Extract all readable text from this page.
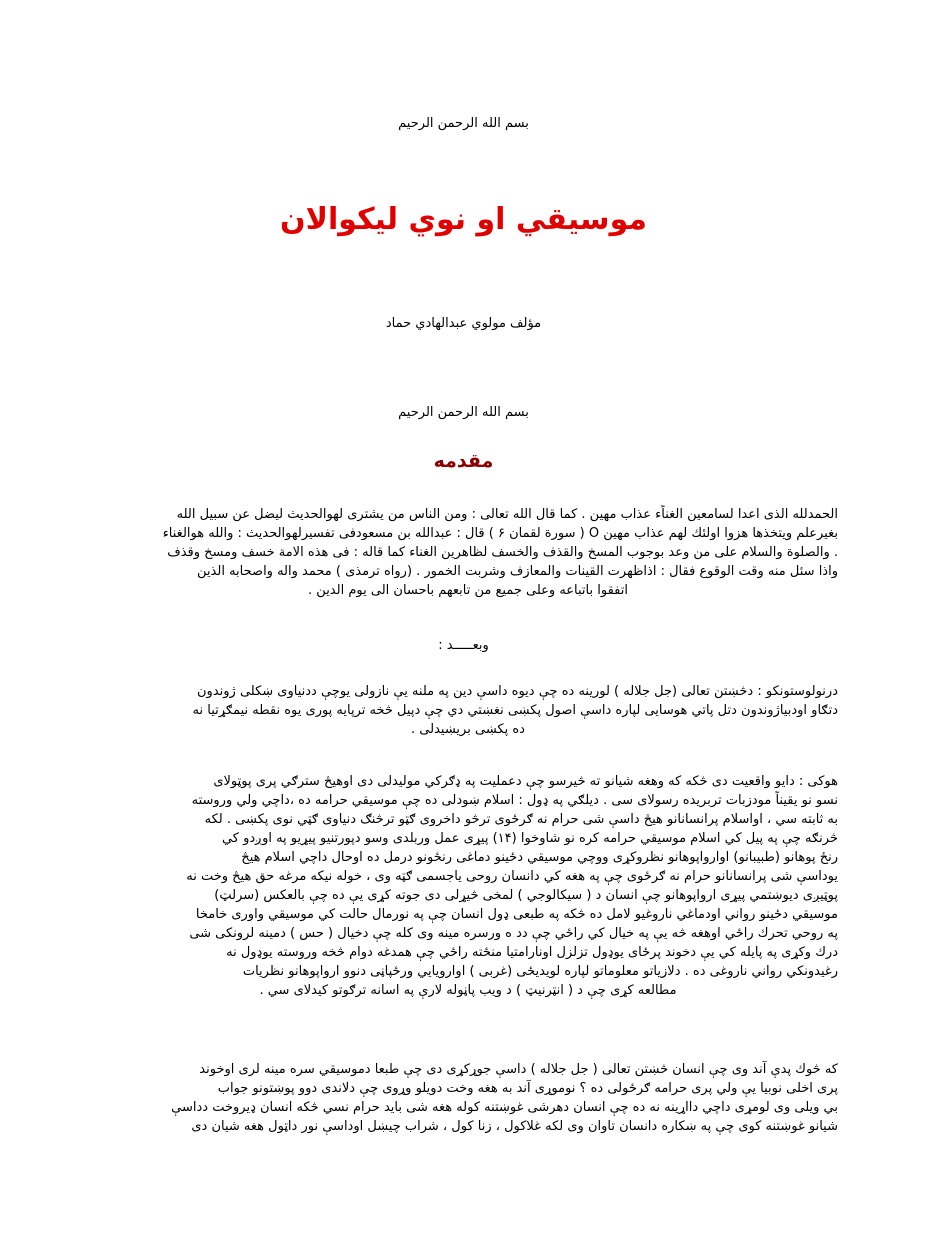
بسم الله الرحمن الرحیم
موسیقي او نوي لیکوالان
مؤلف مولوي عبدالهادي حماد
بسم الله الرحمن الرحیم
مقدمه
الحمدلله الذی اعدا لسامعین الغناًء عذاب مهین . کما قال الله تعالی : ومن الناس من یشتری لهوالحدیث لیضل عن سبیل الله
بغیرعلم ویتخذها هزوا اولئك لهم عذاب مهین O ( سورة لقمان ۶ ) قال : عبدالله بن مسعودفی تفسیرلهوالحدیث : والله هوالغناء
. والصلوة والسلام علی من وعد بوجوب المسخ والقذف والخسف لظاهرین الغناء کما قاله : فی هذه الامة خسف ومسخ وقذف
واذا سئل منه وقت الوقوع فقال : اذاظهرت القینات والمعازف وشربت الخمور . (رواه ترمذی ) محمد واله واصحابه الذین
اتفقوا باتباعه وعلی جمیع من تابعهم باحسان الی یوم الدین .
وبعـــــد :
درنولوستونکو : دڅښتن تعالی (جل جلاله ) لورینه ده چې دیوه داسې دین په ملنه یې نازولی یوچې ددنیاوی ښکلی ژوندون
دتګاو اودبیاژوندون دتل پاتي هوسایی لپاره داسې اصول پکښی نغښتي دي چې دپیل څخه ترپایه پوری یوه نقطه نیمګړتیا نه
ده پکښی بریښیدلی .
هوکی : دایو واقعیت دی څکه که وهغه شیانو ته څیرسو چې دعملیت په ډګرکي مولیدلی دی اوهیڅ سترګي پری پوټولای
نسو نو یقیناً مودزبات تربریده رسولای سی . دیلګي په ډول : اسلام ښودلی ده چې موسیقي حرامه ده ،داچي ولي وروسته
به ثابته سي ، اواسلام پرانسانانو هیڅ داسې شی حرام نه ګرځوی ترڅو داخروی ګټو ترڅنګ دنیاوی ګټي نوی پکښی . لکه
څرنګه چې په پیل کي اسلام موسیقي حرامه کره نو شاوخوا (۱۴) پیړی عمل وربلدی وسو دپورتنیو پیړیو په اوږدو کي
رنځ پوهانو (طبیبانو) اوارواپوهانو نظروکړی ووچي موسیقي دځینو دماغی رنځونو درمل ده اوحال داچي اسلام هیڅ
یوداسې شی پرانسانانو حرام نه ګرځوی چې په هغه کي دانسان روحی یاجسمی ګټه وی ، خوله نیکه مرغه حق هیڅ وخت نه
پوټیږی دیوښتمي پیړی ارواپوهانو چې انسان د ( سیکالوجي ) لمخی څیړلی دی جوته کړی یې ده چې بالعکس (سرلټ)
موسیقي دځینو رواني اودماغي ناروغیو لامل ده څکه په طبعی ډول انسان چې په نورمال حالت کي موسیقي واوری خامخا
په روحي تحرك راځي اوهغه څه یې په خیال کي راځي چې دد ه ورسره مینه وی کله چې دخیال ( حس ) دمینه لرونکی شی
درك وکړی په پایله کي یې دخوند پرځای یوډول تزلزل اونارامتیا منځته راځي چې همدغه دوام څخه وروسته یوډول نه
رغیدونکي رواني ناروغی ده . دلازیاتو معلوماتو لپاره لویدیځی (غربی ) اوارویایي ورځپاڼی دنوو ارواپوهانو نظریات
مطالعه کړی چې د ( انټرنیټ ) د ویب پاڼوله لارې په اسانه ترګوتو کیدلای سي .
که څوك پدې آند وی چې انسان څښتن تعالی ( جل جلاله ) داسې جوړکړی دی چې طبعا دموسیقي سره مینه لری اوخوند
پری اخلی نوبیا یې ولي پری حرامه ګرځولی ده ؟ نوموړی آند به هغه وخت دویلو وړوی چې دلاندی دوو پوښتونو جواب
بي ویلی وی لومړی داچي دااړینه نه ده چې انسان دهرشی غوښتنه کوله هغه شی باید حرام نسي څکه انسان ډیروخت دداسې
شیانو غوښتنه کوی چې په ښکاره دانسان تاوان وی لکه غلاکول ، زنا کول ، شراب چیښل اوداسې نور داټول هغه شیان دی
